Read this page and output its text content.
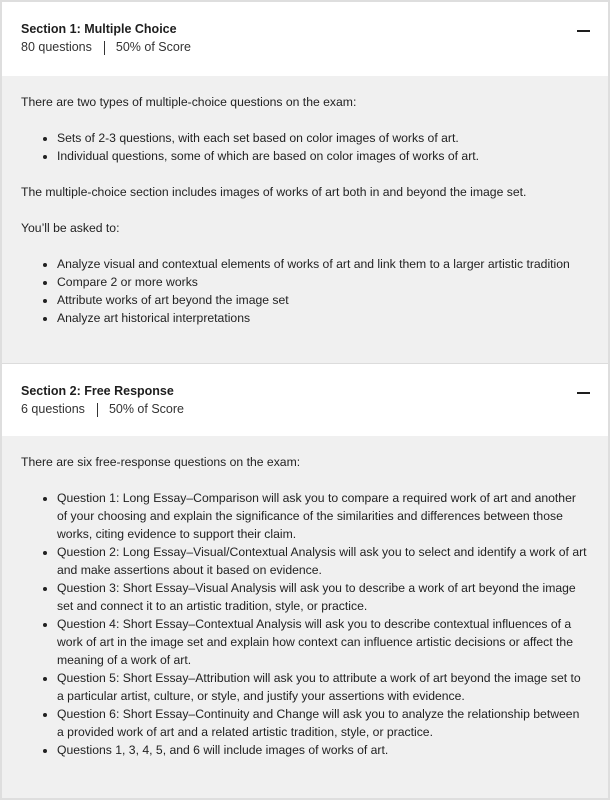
Section 1: Multiple Choice
80 questions 50% of Score

There are two types of multiple-choice questions on the exam:

• Sets of 2-3 questions, with each set based on color images of works of art.
• Individual questions, some of which are based on color images of works of art.

The multiple-choice section includes images of works of art both in and beyond the image set.

You’ll be asked to:

• Analyze visual and contextual elements of works of art and link them to a larger artistic tradition
• Compare 2 or more works
• Attribute works of art beyond the image set
• Analyze art historical interpretations
Section 2: Free Response
6 questions 50% of Score

There are six free-response questions on the exam:

• Question 1: Long Essay–Comparison will ask you to compare a required work of art and another of your choosing and explain the significance of the similarities and differences between those works, citing evidence to support their claim.
• Question 2: Long Essay–Visual/Contextual Analysis will ask you to select and identify a work of art and make assertions about it based on evidence.
• Question 3: Short Essay–Visual Analysis will ask you to describe a work of art beyond the image set and connect it to an artistic tradition, style, or practice.
• Question 4: Short Essay–Contextual Analysis will ask you to describe contextual influences of a work of art in the image set and explain how context can influence artistic decisions or affect the meaning of a work of art.
• Question 5: Short Essay–Attribution will ask you to attribute a work of art beyond the image set to a particular artist, culture, or style, and justify your assertions with evidence.
• Question 6: Short Essay–Continuity and Change will ask you to analyze the relationship between a provided work of art and a related artistic tradition, style, or practice.
• Questions 1, 3, 4, 5, and 6 will include images of works of art.
